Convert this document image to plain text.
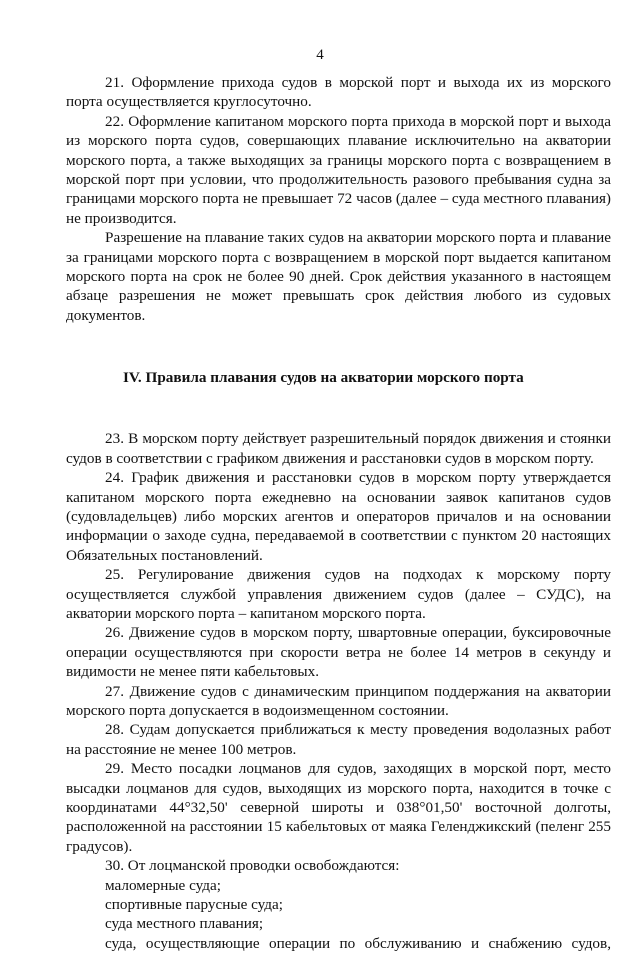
4

21. Оформление прихода судов в морской порт и выхода их из морского порта осуществляется круглосуточно.

22. Оформление капитаном морского порта прихода в морской порт и выхода из морского порта судов, совершающих плавание исключительно на акватории морского порта, а также выходящих за границы морского порта с возвращением в морской порт при условии, что продолжительность разового пребывания судна за границами морского порта не превышает 72 часов (далее – суда местного плавания) не производится.

Разрешение на плавание таких судов на акватории морского порта и плавание за границами морского порта с возвращением в морской порт выдается капитаном морского порта на срок не более 90 дней. Срок действия указанного в настоящем абзаце разрешения не может превышать срок действия любого из судовых документов.

IV. Правила плавания судов на акватории морского порта

23. В морском порту действует разрешительный порядок движения и стоянки судов в соответствии с графиком движения и расстановки судов в морском порту.

24. График движения и расстановки судов в морском порту утверждается капитаном морского порта ежедневно на основании заявок капитанов судов (судовладельцев) либо морских агентов и операторов причалов и на основании информации о заходе судна, передаваемой в соответствии с пунктом 20 настоящих Обязательных постановлений.

25. Регулирование движения судов на подходах к морскому порту осуществляется службой управления движением судов (далее – СУДС), на акватории морского порта – капитаном морского порта.

26. Движение судов в морском порту, швартовные операции, буксировочные операции осуществляются при скорости ветра не более 14 метров в секунду и видимости не менее пяти кабельтовых.

27. Движение судов с динамическим принципом поддержания на акватории морского порта допускается в водоизмещенном состоянии.

28. Судам допускается приближаться к месту проведения водолазных работ на расстояние не менее 100 метров.

29. Место посадки лоцманов для судов, заходящих в морской порт, место высадки лоцманов для судов, выходящих из морского порта, находится в точке с координатами 44°32,50' северной широты и 038°01,50' восточной долготы, расположенной на расстоянии 15 кабельтовых от маяка Геленджикский (пеленг 255 градусов).

30. От лоцманской проводки освобождаются:

маломерные суда;

спортивные парусные суда;

суда местного плавания;

суда, осуществляющие операции по обслуживанию и снабжению судов,
